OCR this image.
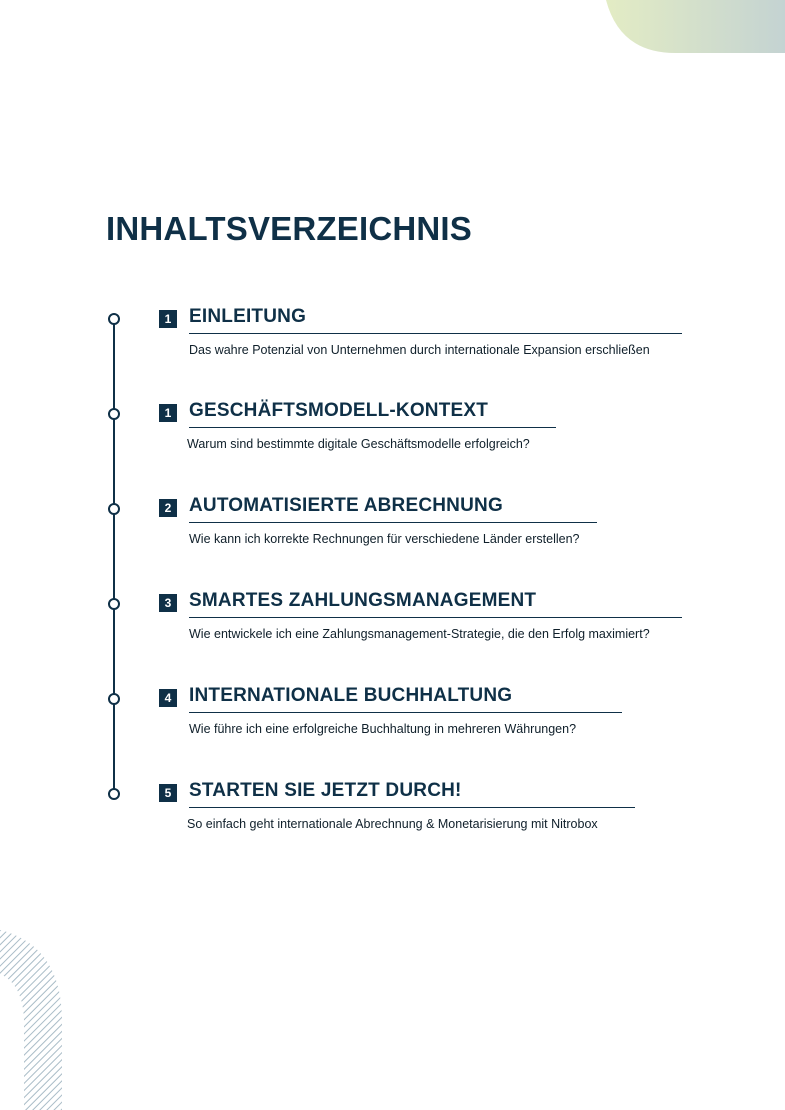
INHALTSVERZEICHNIS
1 EINLEITUNG
Das wahre Potenzial von Unternehmen durch internationale Expansion erschließen
1 GESCHÄFTSMODELL-KONTEXT
Warum sind bestimmte digitale Geschäftsmodelle erfolgreich?
2 AUTOMATISIERTE ABRECHNUNG
Wie kann ich korrekte Rechnungen für verschiedene Länder erstellen?
3 SMARTES ZAHLUNGSMANAGEMENT
Wie entwickele ich eine Zahlungsmanagement-Strategie, die den Erfolg maximiert?
4 INTERNATIONALE BUCHHALTUNG
Wie führe ich eine erfolgreiche Buchhaltung in mehreren Währungen?
5 STARTEN SIE JETZT DURCH!
So einfach geht internationale Abrechnung & Monetarisierung mit Nitrobox
